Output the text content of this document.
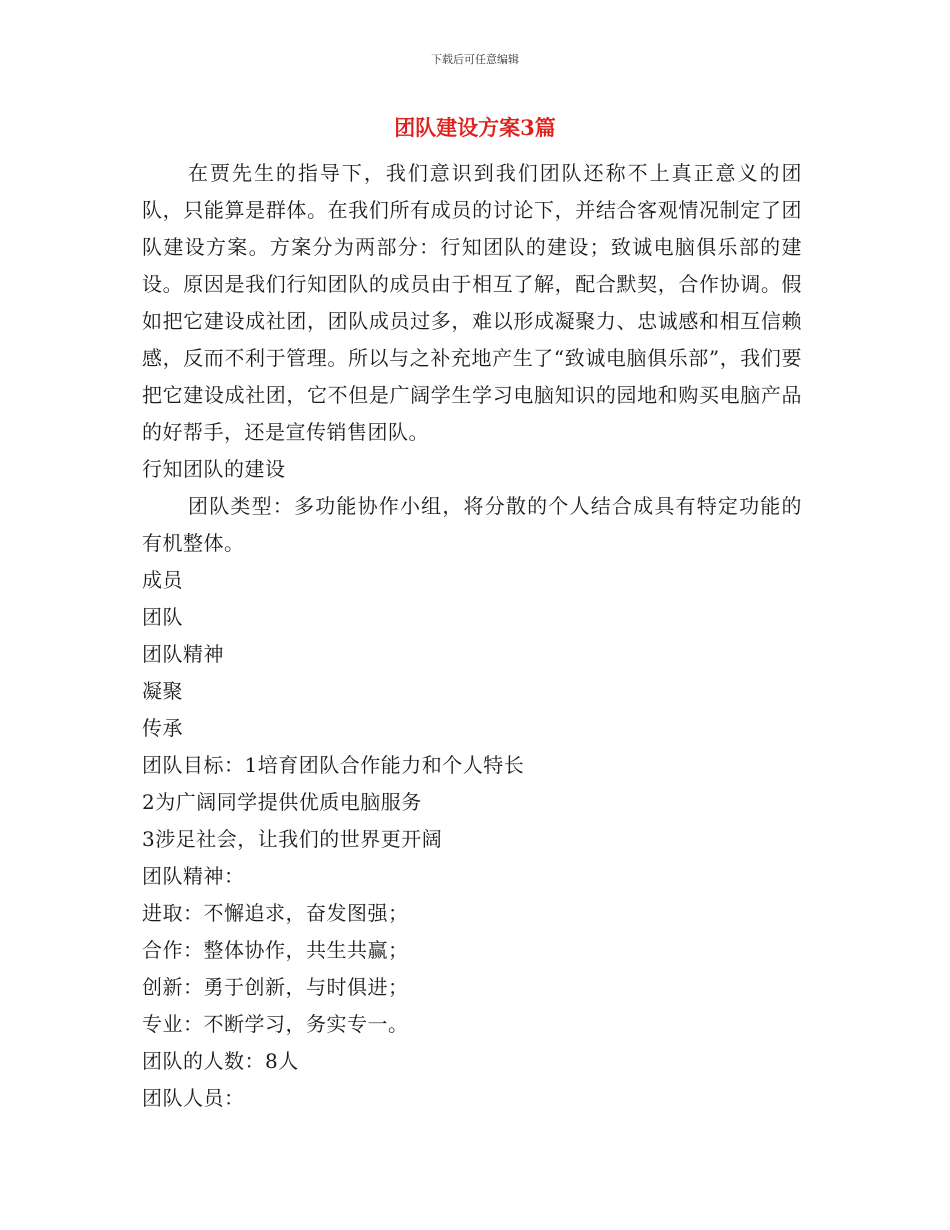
下载后可任意编辑
团队建设方案3篇

在贾先生的指导下，我们意识到我们团队还称不上真正意义的团队，只能算是群体。在我们所有成员的讨论下，并结合客观情况制定了团队建设方案。方案分为两部分：行知团队的建设；致诚电脑俱乐部的建设。原因是我们行知团队的成员由于相互了解，配合默契，合作协调。假如把它建设成社团，团队成员过多，难以形成凝聚力、忠诚感和相互信赖感，反而不利于管理。所以与之补充地产生了“致诚电脑俱乐部”，我们要把它建设成社团，它不但是广阔学生学习电脑知识的园地和购买电脑产品的好帮手，还是宣传销售团队。

行知团队的建设

团队类型：多功能协作小组，将分散的个人结合成具有特定功能的有机整体。

成员

团队

团队精神

凝聚

传承

团队目标：1培育团队合作能力和个人特长

2为广阔同学提供优质电脑服务

3涉足社会，让我们的世界更开阔

团队精神：

进取：不懈追求，奋发图强；

合作：整体协作，共生共赢；

创新：勇于创新，与时俱进；

专业：不断学习，务实专一。

团队的人数：8人

团队人员：
